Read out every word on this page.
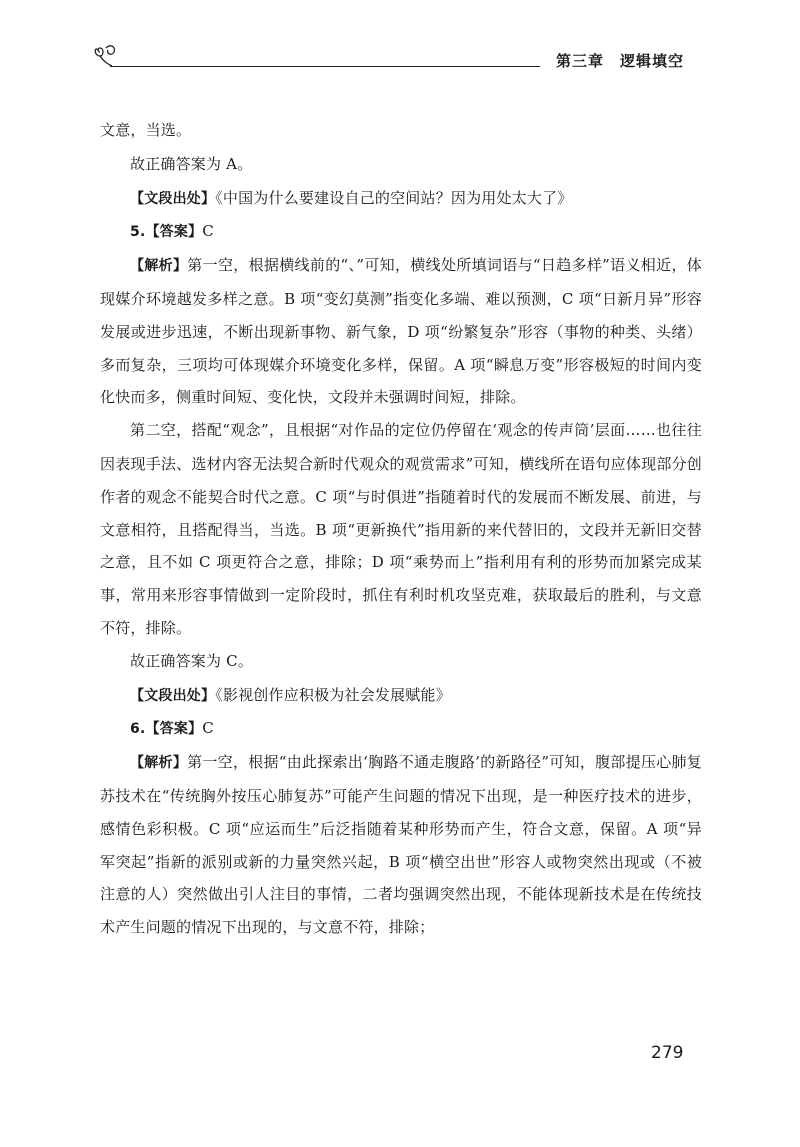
第三章　逻辑填空

文意，当选。

故正确答案为 A。

【文段出处】《中国为什么要建设自己的空间站？因为用处太大了》

5.【答案】C

【解析】第一空，根据横线前的“、”可知，横线处所填词语与“日趋多样”语义相近，体现媒介环境越发多样之意。B 项“变幻莫测”指变化多端、难以预测，C 项“日新月异”形容发展或进步迅速，不断出现新事物、新气象，D 项“纷繁复杂”形容（事物的种类、头绪）多而复杂，三项均可体现媒介环境变化多样，保留。A 项“瞬息万变”形容极短的时间内变化快而多，侧重时间短、变化快，文段并未强调时间短，排除。

第二空，搭配“观念”，且根据“对作品的定位仍停留在‘观念的传声筒’层面……也往往因表现手法、选材内容无法契合新时代观众的观赏需求”可知，横线所在语句应体现部分创作者的观念不能契合时代之意。C 项“与时俱进”指随着时代的发展而不断发展、前进，与文意相符，且搭配得当，当选。B 项“更新换代”指用新的来代替旧的，文段并无新旧交替之意，且不如 C 项更符合之意，排除；D 项“乘势而上”指利用有利的形势而加紧完成某事，常用来形容事情做到一定阶段时，抓住有利时机攻坚克难，获取最后的胜利，与文意不符，排除。

故正确答案为 C。

【文段出处】《影视创作应积极为社会发展赋能》

6.【答案】C

【解析】第一空，根据“由此探索出‘胸路不通走腹路’的新路径”可知，腹部提压心肺复苏技术在“传统胸外按压心肺复苏”可能产生问题的情况下出现，是一种医疗技术的进步，感情色彩积极。C 项“应运而生”后泛指随着某种形势而产生，符合文意，保留。A 项“异军突起”指新的派别或新的力量突然兴起，B 项“横空出世”形容人或物突然出现或（不被注意的人）突然做出引人注目的事情，二者均强调突然出现，不能体现新技术是在传统技术产生问题的情况下出现的，与文意不符，排除；

279
